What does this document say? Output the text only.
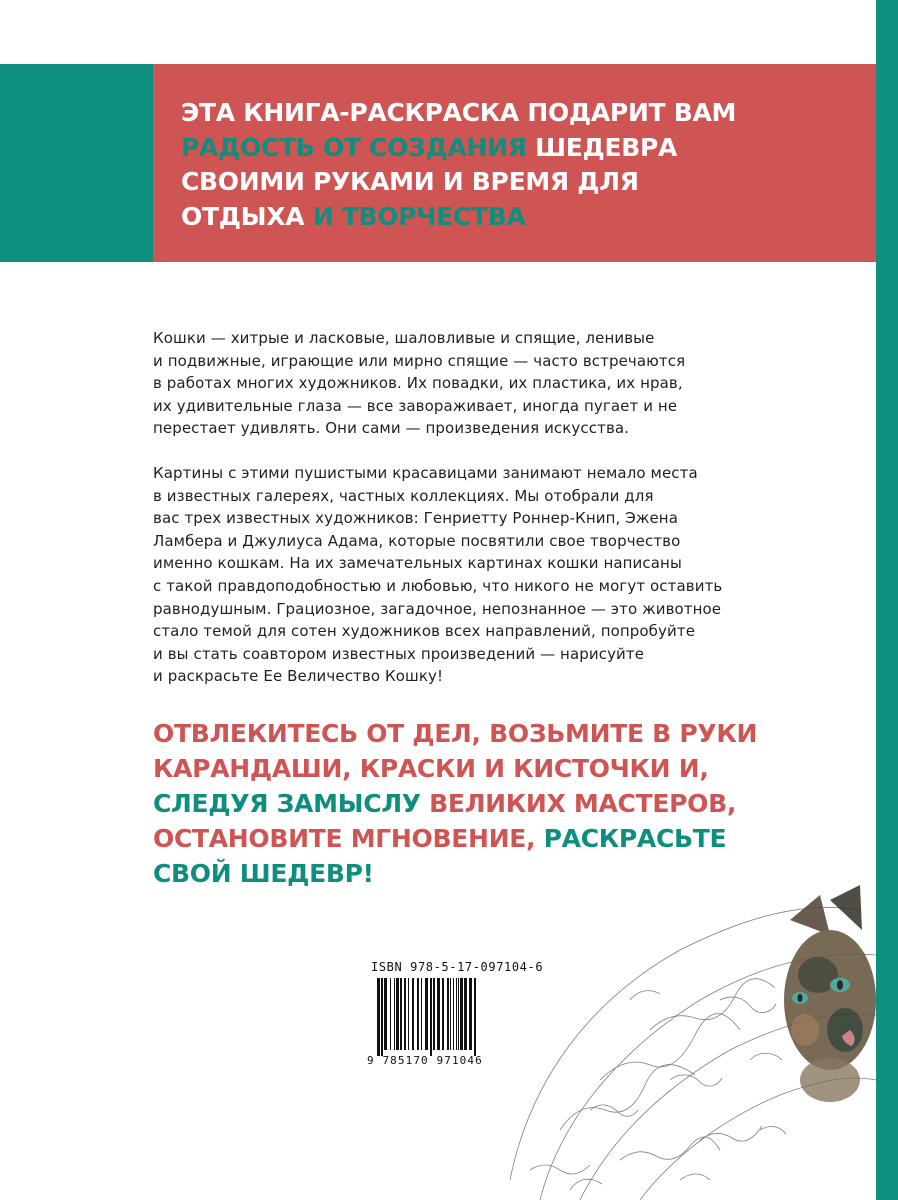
ЭТА КНИГА-РАСКРАСКА ПОДАРИТ ВАМ
РАДОСТЬ ОТ СОЗДАНИЯ ШЕДЕВРА
СВОИМИ РУКАМИ И ВРЕМЯ ДЛЯ
ОТДЫХА И ТВОРЧЕСТВА

Кошки — хитрые и ласковые, шаловливые и спящие, ленивые

и подвижные, играющие или мирно спящие — часто встречаются

в работах многих художников. Их повадки, их пластика, их нрав,

их удивительные глаза — все завораживает, иногда пугает и не

перестает удивлять. Они сами — произведения искусства.

Картины с этими пушистыми красавицами занимают немало места

в известных галереях, частных коллекциях. Мы отобрали для

вас трех известных художников: Генриетту Роннер-Книп, Эжена

Ламбера и Джулиуса Адама, которые посвятили свое творчество

именно кошкам. На их замечательных картинах кошки написаны

с такой правдоподобностью и любовью, что никого не могут оставить

равнодушным. Грациозное, загадочное, непознанное — это животное

стало темой для сотен художников всех направлений, попробуйте

и вы стать соавтором известных произведений — нарисуйте

и раскрасьте Ее Величество Кошку!

ОТВЛЕКИТЕСЬ ОТ ДЕЛ, ВОЗЬМИТЕ В РУКИ
КАРАНДАШИ, КРАСКИ И КИСТОЧКИ И,
СЛЕДУЯ ЗАМЫСЛУ ВЕЛИКИХ МАСТЕРОВ,
ОСТАНОВИТЕ МГНОВЕНИЕ, РАСКРАСЬТЕ
СВОЙ ШЕДЕВР!
ISBN 978-5-17-097104-6
9 785170 971046
